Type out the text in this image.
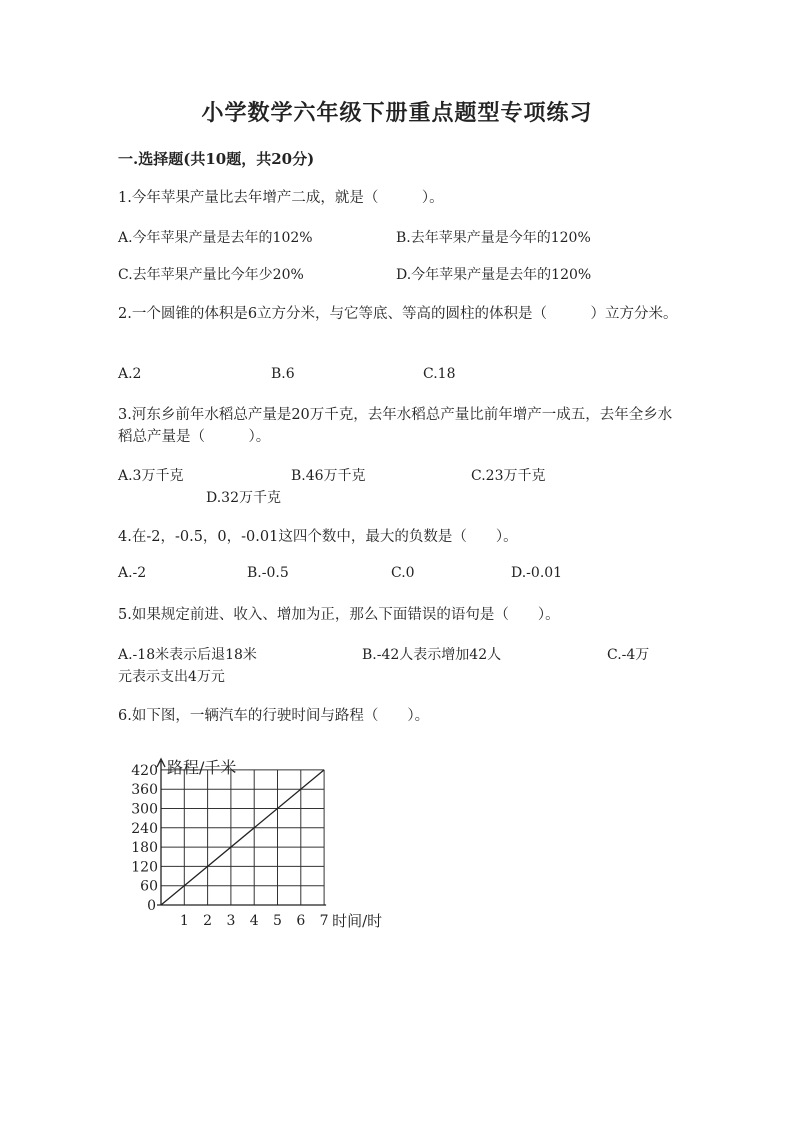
小学数学六年级下册重点题型专项练习
一.选择题(共10题，共20分)
1.今年苹果产量比去年增产二成，就是（　　　）。
A.今年苹果产量是去年的102%	B.去年苹果产量是今年的120%
C.去年苹果产量比今年少20%	D.今年苹果产量是去年的120%
2.一个圆锥的体积是6立方分米，与它等底、等高的圆柱的体积是（　　　）立方分米。
A.2	B.6	C.18
3.河东乡前年水稻总产量是20万千克，去年水稻总产量比前年增产一成五，去年全乡水稻总产量是（　　　）。
A.3万千克	B.46万千克	C.23万千克
D.32万千克
4.在-2，-0.5，0，-0.01这四个数中，最大的负数是（　　）。
A.-2	B.-0.5	C.0	D.-0.01
5.如果规定前进、收入、增加为正，那么下面错误的语句是（　　）。
A.-18米表示后退18米	B.-42人表示增加42人	C.-4万元表示支出4万元
6.如下图，一辆汽车的行驶时间与路程（　　）。
1 2 3 4 5 6 7
60
120
180
240
300
360
420 路程/千米
时间/时
0
